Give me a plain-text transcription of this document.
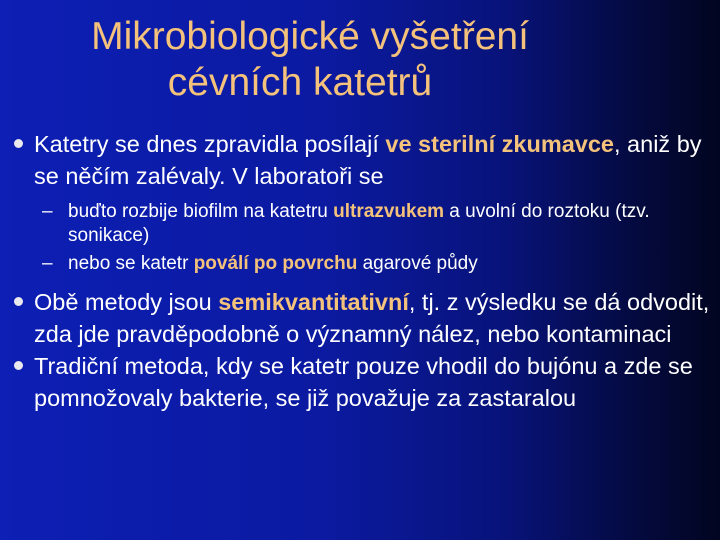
Mikrobiologické vyšetření
cévních katetrů
Katetry se dnes zpravidla posílají ve sterilní zkumavce, aniž by se něčím zalévaly. V laboratoři se
– buďto rozbije biofilm na katetru ultrazvukem a uvolní do roztoku (tzv. sonikace)
– nebo se katetr poválí po povrchu agarové půdy
Obě metody jsou semikvantitativní, tj. z výsledku se dá odvodit, zda jde pravděpodobně o významný nález, nebo kontaminaci
Tradiční metoda, kdy se katetr pouze vhodil do bujónu a zde se pomnožovaly bakterie, se již považuje za zastaralou
